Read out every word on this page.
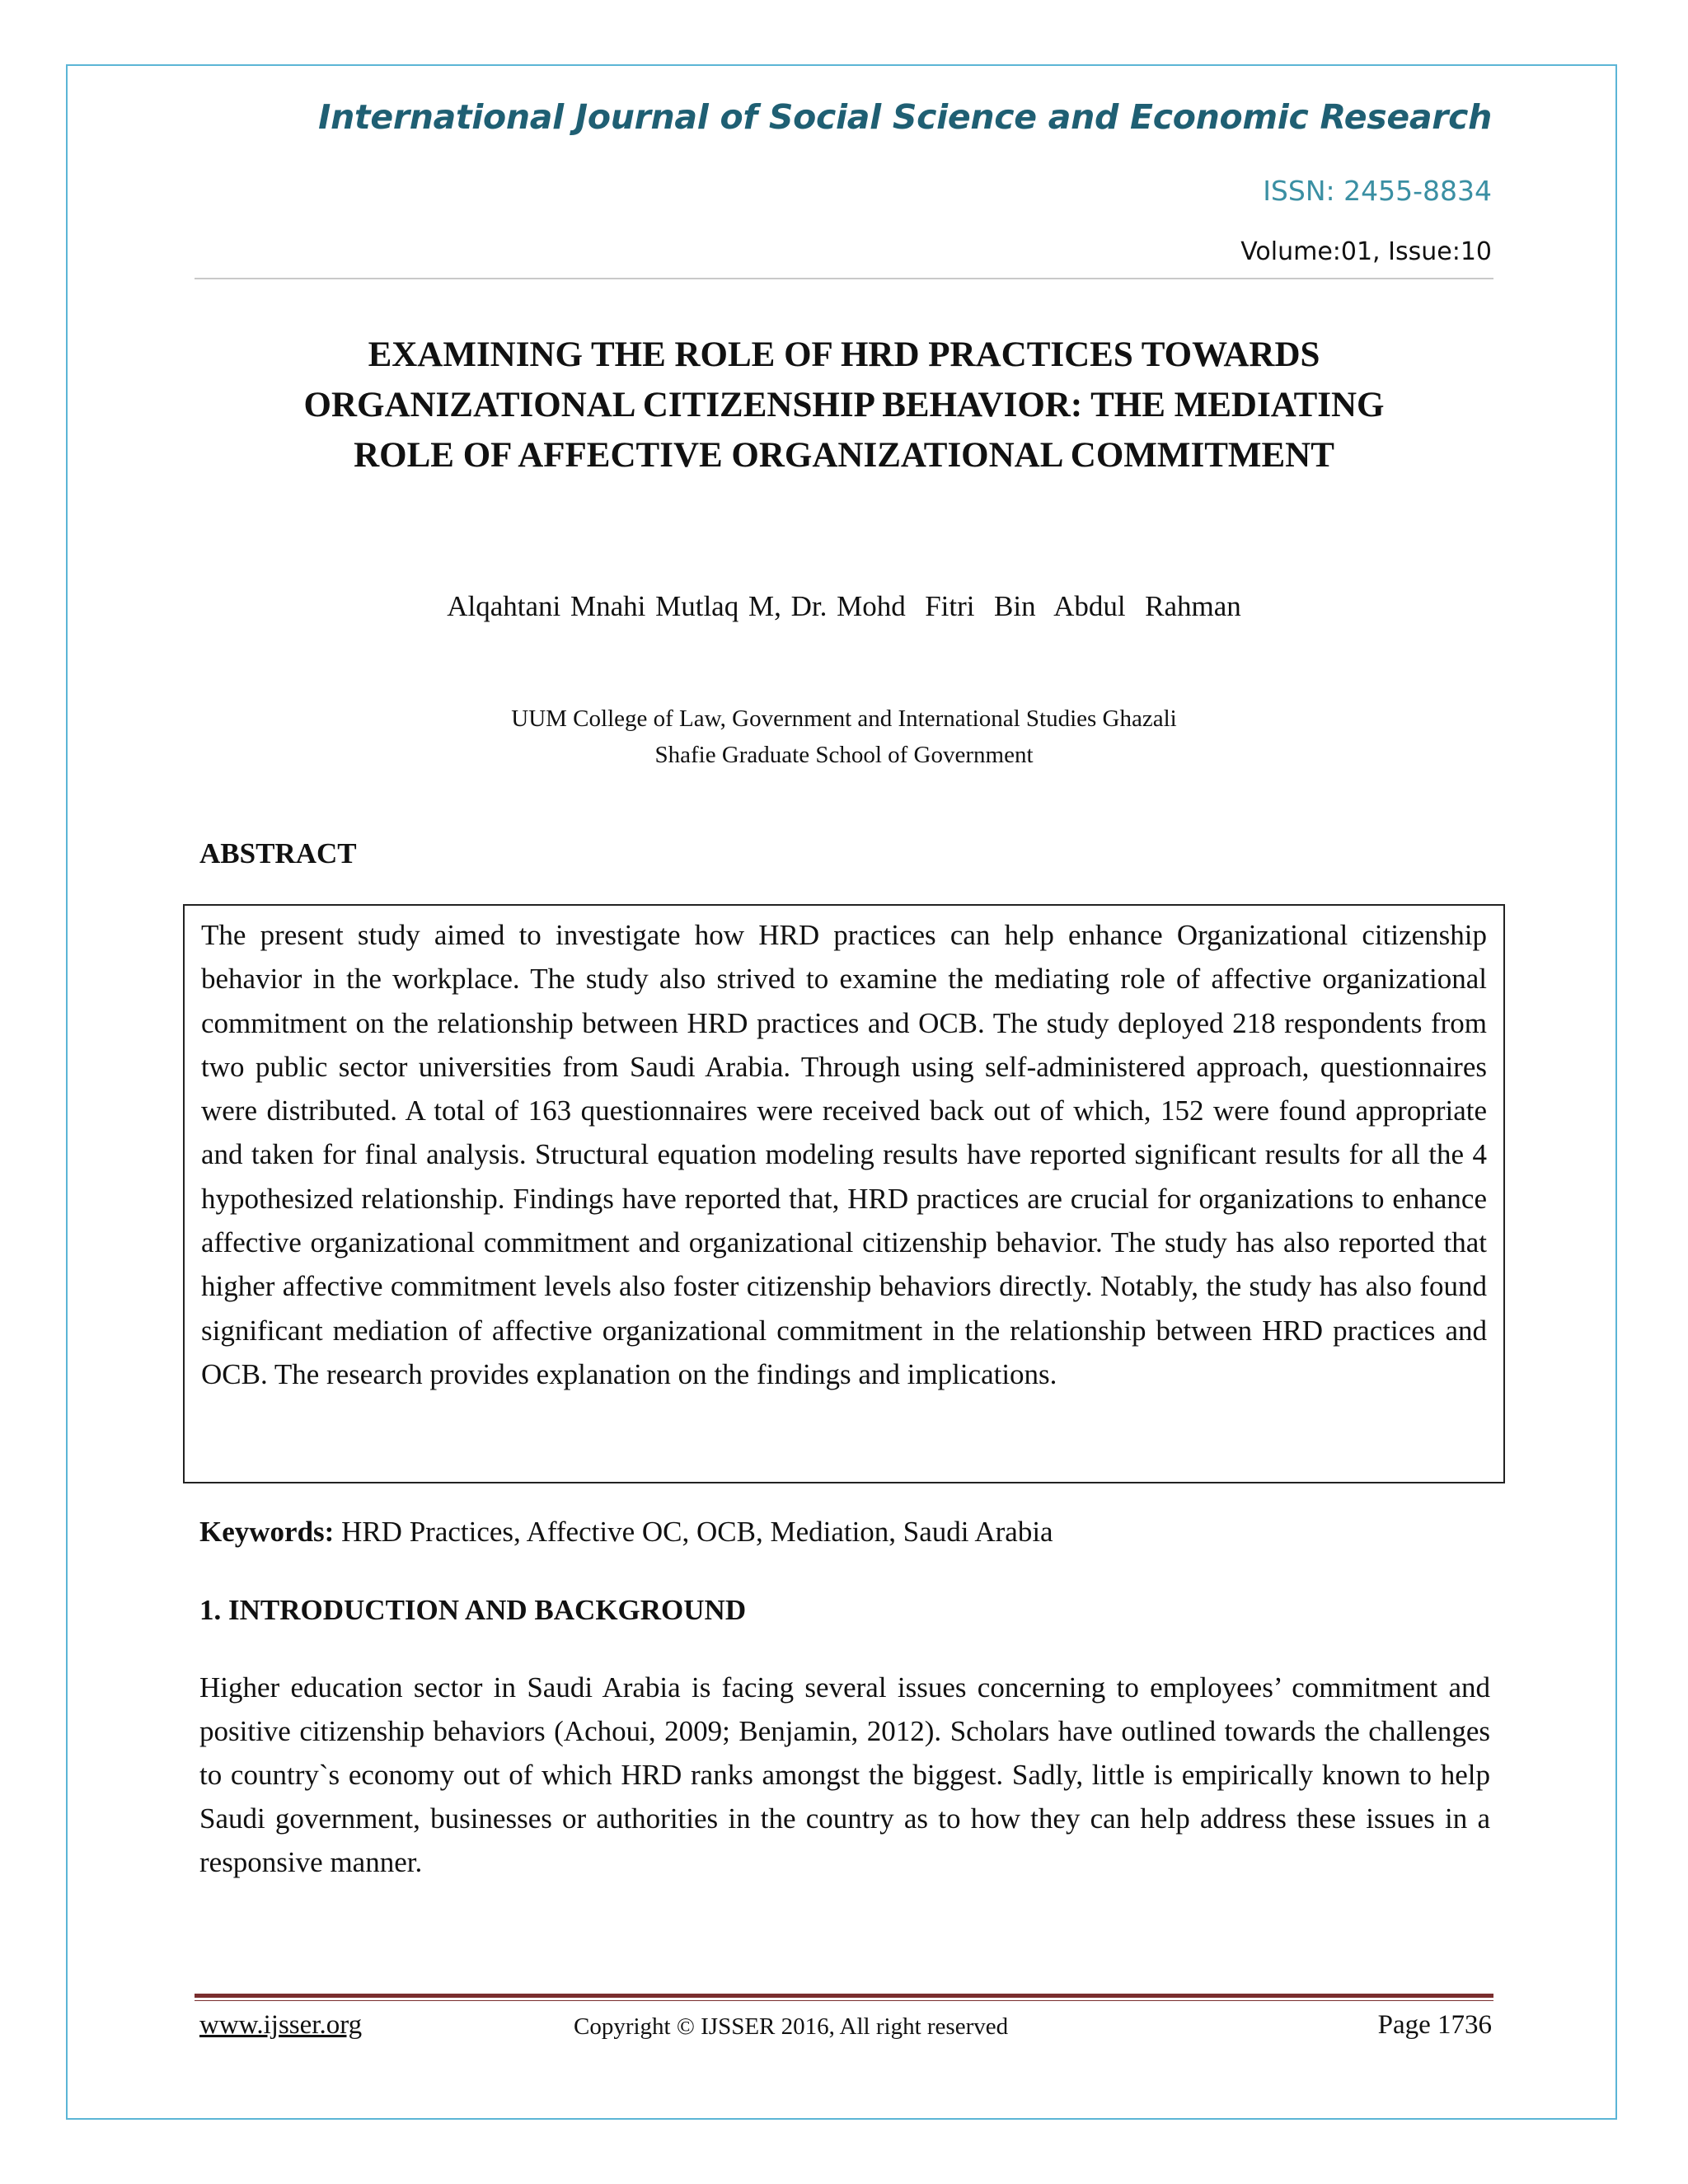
International Journal of Social Science and Economic Research
ISSN: 2455-8834
Volume:01, Issue:10
EXAMINING THE ROLE OF HRD PRACTICES TOWARDS
ORGANIZATIONAL CITIZENSHIP BEHAVIOR: THE MEDIATING
ROLE OF AFFECTIVE ORGANIZATIONAL COMMITMENT
Alqahtani Mnahi Mutlaq M, Dr. Mohd  Fitri  Bin  Abdul  Rahman
UUM College of Law, Government and International Studies Ghazali
Shafie Graduate School of Government
ABSTRACT

The present study aimed to investigate how HRD practices can help enhance Organizational citizenship behavior in the workplace. The study also strived to examine the mediating role of affective organizational commitment on the relationship between HRD practices and OCB. The study deployed 218 respondents from two public sector universities from Saudi Arabia. Through using self-administered approach, questionnaires were distributed. A total of 163 questionnaires were received back out of which, 152 were found appropriate and taken for final analysis. Structural equation modeling results have reported significant results for all the 4 hypothesized relationship. Findings have reported that, HRD practices are crucial for organizations to enhance affective organizational commitment and organizational citizenship behavior. The study has also reported that higher affective commitment levels also foster citizenship behaviors directly. Notably, the study has also found significant mediation of affective organizational commitment in the relationship between HRD practices and OCB. The research provides explanation on the findings and implications.

Keywords: HRD Practices, Affective OC, OCB, Mediation, Saudi Arabia
1. INTRODUCTION AND BACKGROUND

Higher education sector in Saudi Arabia is facing several issues concerning to employees’ commitment and positive citizenship behaviors (Achoui, 2009; Benjamin, 2012). Scholars have outlined towards the challenges to country`s economy out of which HRD ranks amongst the biggest. Sadly, little is empirically known to help Saudi government, businesses or authorities in the country as to how they can help address these issues in a responsive manner.

www.ijsser.org	Copyright © IJSSER 2016, All right reserved	Page 1736
